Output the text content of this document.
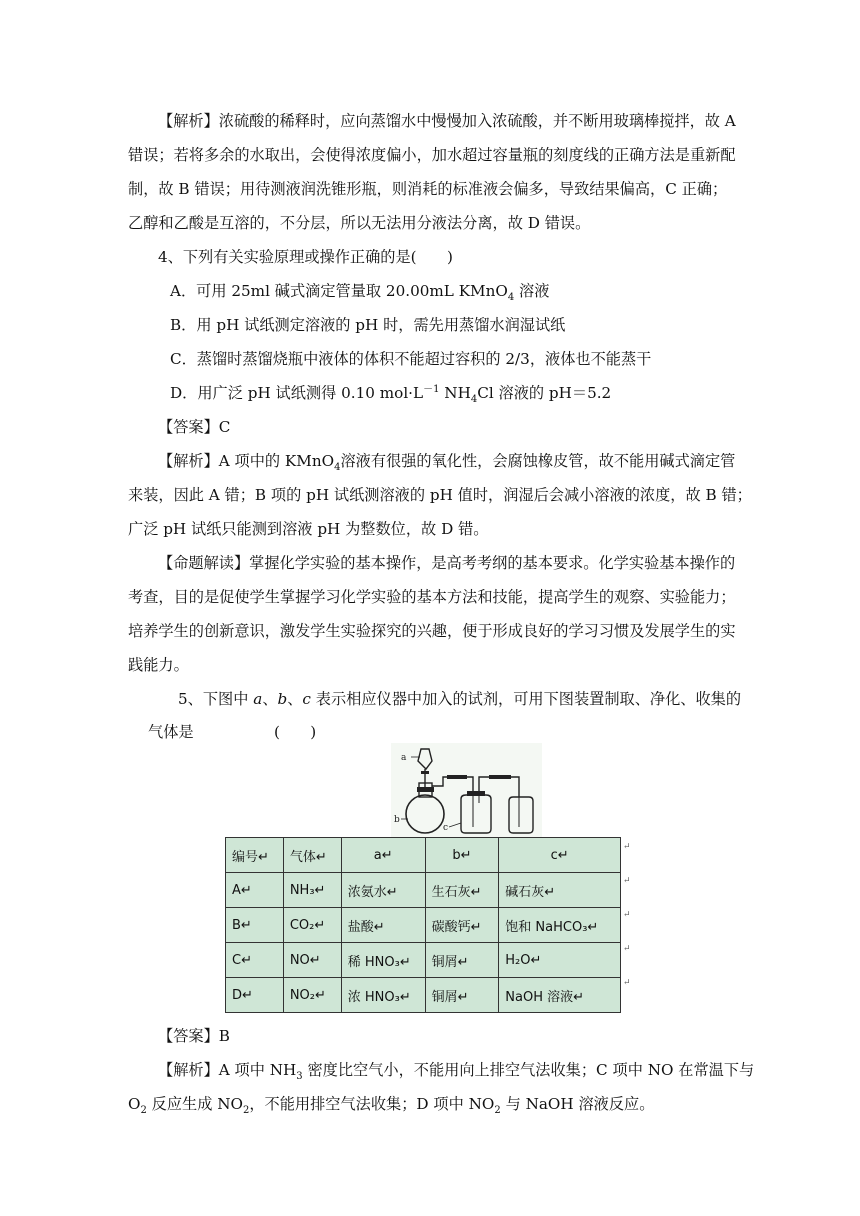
【解析】浓硫酸的稀释时，应向蒸馏水中慢慢加入浓硫酸，并不断用玻璃棒搅拌，故 A
错误；若将多余的水取出，会使得浓度偏小，加水超过容量瓶的刻度线的正确方法是重新配
制，故 B 错误；用待测液润洗锥形瓶，则消耗的标准液会偏多，导致结果偏高，C 正确；
乙醇和乙酸是互溶的，不分层，所以无法用分液法分离，故 D 错误。
4、下列有关实验原理或操作正确的是(　　)
A．可用 25ml 碱式滴定管量取 20.00mL KMnO$_4$ 溶液
B．用 pH 试纸测定溶液的 pH 时，需先用蒸馏水润湿试纸
C．蒸馏时蒸馏烧瓶中液体的体积不能超过容积的 2/3，液体也不能蒸干
D．用广泛 pH 试纸测得 0.10 $mol\cdot L^{-1}$ $NH_4Cl$ 溶液的 pH＝5.2
【答案】C
【解析】A 项中的 KMnO$_4$溶液有很强的氧化性，会腐蚀橡皮管，故不能用碱式滴定管
来装，因此 A 错；B 项的 pH 试纸测溶液的 pH 值时，润湿后会减小溶液的浓度，故 B 错；
广泛 pH 试纸只能测到溶液 pH 为整数位，故 D 错。
【命题解读】掌握化学实验的基本操作，是高考考纲的基本要求。化学实验基本操作的
考查，目的是促使学生掌握学习化学实验的基本方法和技能，提高学生的观察、实验能力；
培养学生的创新意识，激发学生实验探究的兴趣，便于形成良好的学习习惯及发展学生的实
践能力。
5、下图中 a、b、c 表示相应仪器中加入的试剂，可用下图装置制取、净化、收集的
气体是	(　　)
a
b
c
编号↵	气体↵	a↵	b↵	c↵
A↵	NH₃↵	浓氨水↵	生石灰↵	碱石灰↵
B↵	CO₂↵	盐酸↵	碳酸钙↵	饱和 NaHCO₃↵
C↵	NO↵	稀 HNO₃↵	铜屑↵	H₂O↵
D↵	NO₂↵	浓 HNO₃↵	铜屑↵	NaOH 溶液↵
↵
↵
↵
↵
↵
【答案】B
【解析】A 项中 $NH_3$ 密度比空气小，不能用向上排空气法收集；C 项中 NO 在常温下与
$O_2$ 反应生成 $NO_2$，不能用排空气法收集；D 项中 $NO_2$ 与 NaOH 溶液反应。
